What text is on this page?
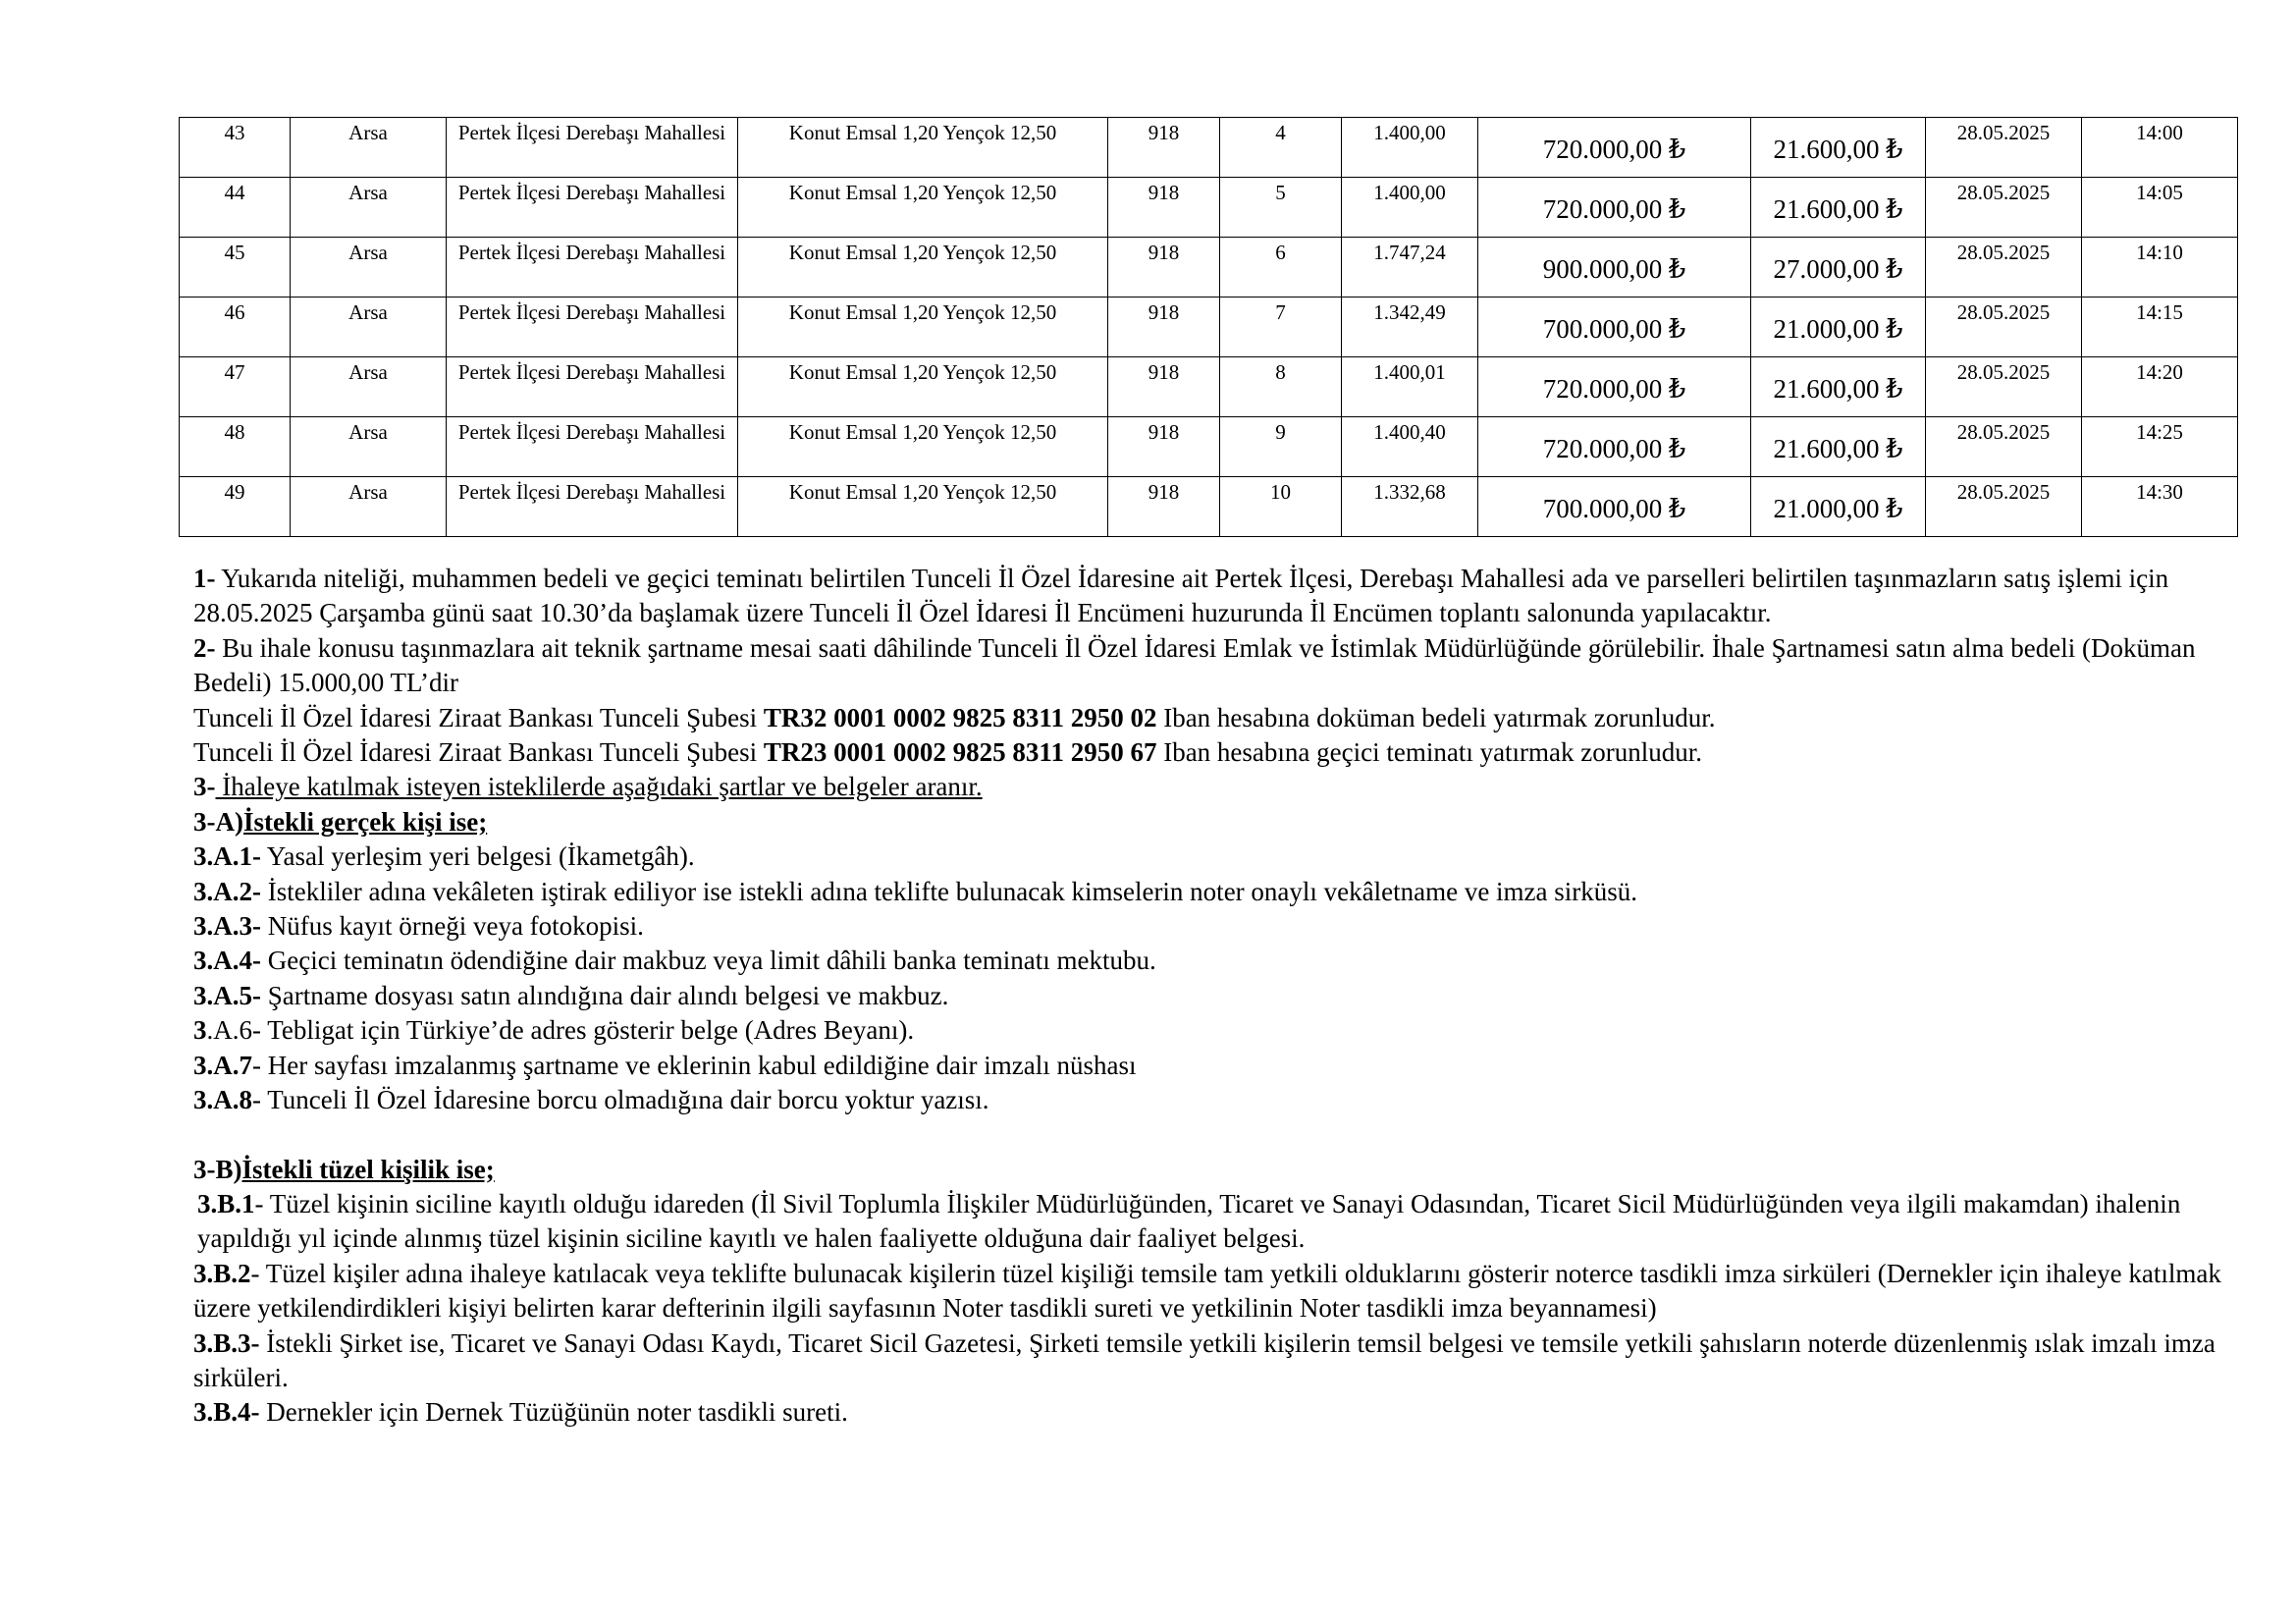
43	Arsa	Pertek İlçesi Derebaşı Mahallesi	Konut Emsal 1,20 Yençok 12,50	918	4	1.400,00	720.000,00 ₺	21.600,00 ₺	28.05.2025	14:00
44	Arsa	Pertek İlçesi Derebaşı Mahallesi	Konut Emsal 1,20 Yençok 12,50	918	5	1.400,00	720.000,00 ₺	21.600,00 ₺	28.05.2025	14:05
45	Arsa	Pertek İlçesi Derebaşı Mahallesi	Konut Emsal 1,20 Yençok 12,50	918	6	1.747,24	900.000,00 ₺	27.000,00 ₺	28.05.2025	14:10
46	Arsa	Pertek İlçesi Derebaşı Mahallesi	Konut Emsal 1,20 Yençok 12,50	918	7	1.342,49	700.000,00 ₺	21.000,00 ₺	28.05.2025	14:15
47	Arsa	Pertek İlçesi Derebaşı Mahallesi	Konut Emsal 1,20 Yençok 12,50	918	8	1.400,01	720.000,00 ₺	21.600,00 ₺	28.05.2025	14:20
48	Arsa	Pertek İlçesi Derebaşı Mahallesi	Konut Emsal 1,20 Yençok 12,50	918	9	1.400,40	720.000,00 ₺	21.600,00 ₺	28.05.2025	14:25
49	Arsa	Pertek İlçesi Derebaşı Mahallesi	Konut Emsal 1,20 Yençok 12,50	918	10	1.332,68	700.000,00 ₺	21.000,00 ₺	28.05.2025	14:30

1- Yukarıda niteliği, muhammen bedeli ve geçici teminatı belirtilen Tunceli İl Özel İdaresine ait Pertek İlçesi, Derebaşı Mahallesi ada ve parselleri belirtilen taşınmazların satış işlemi için 28.05.2025 Çarşamba günü saat 10.30’da başlamak üzere Tunceli İl Özel İdaresi İl Encümeni huzurunda İl Encümen toplantı salonunda yapılacaktır.

2- Bu ihale konusu taşınmazlara ait teknik şartname mesai saati dâhilinde Tunceli İl Özel İdaresi Emlak ve İstimlak Müdürlüğünde görülebilir. İhale Şartnamesi satın alma bedeli (Doküman Bedeli) 15.000,00 TL’dir

Tunceli İl Özel İdaresi Ziraat Bankası Tunceli Şubesi TR32 0001 0002 9825 8311 2950 02 Iban hesabına doküman bedeli yatırmak zorunludur.

Tunceli İl Özel İdaresi Ziraat Bankası Tunceli Şubesi TR23 0001 0002 9825 8311 2950 67 Iban hesabına geçici teminatı yatırmak zorunludur.

3- İhaleye katılmak isteyen isteklilerde aşağıdaki şartlar ve belgeler aranır.

3-A)İstekli gerçek kişi ise;

3.A.1- Yasal yerleşim yeri belgesi (İkametgâh).

3.A.2- İstekliler adına vekâleten iştirak ediliyor ise istekli adına teklifte bulunacak kimselerin noter onaylı vekâletname ve imza sirküsü.

3.A.3- Nüfus kayıt örneği veya fotokopisi.

3.A.4- Geçici teminatın ödendiğine dair makbuz veya limit dâhili banka teminatı mektubu.

3.A.5- Şartname dosyası satın alındığına dair alındı belgesi ve makbuz.

3.A.6- Tebligat için Türkiye’de adres gösterir belge (Adres Beyanı).

3.A.7- Her sayfası imzalanmış şartname ve eklerinin kabul edildiğine dair imzalı nüshası

3.A.8- Tunceli İl Özel İdaresine borcu olmadığına dair borcu yoktur yazısı.

3-B)İstekli tüzel kişilik ise;

3.B.1- Tüzel kişinin siciline kayıtlı olduğu idareden (İl Sivil Toplumla İlişkiler Müdürlüğünden, Ticaret ve Sanayi Odasından, Ticaret Sicil Müdürlüğünden veya ilgili makamdan) ihalenin yapıldığı yıl içinde alınmış tüzel kişinin siciline kayıtlı ve halen faaliyette olduğuna dair faaliyet belgesi.

3.B.2- Tüzel kişiler adına ihaleye katılacak veya teklifte bulunacak kişilerin tüzel kişiliği temsile tam yetkili olduklarını gösterir noterce tasdikli imza sirküleri (Dernekler için ihaleye katılmak üzere yetkilendirdikleri kişiyi belirten karar defterinin ilgili sayfasının Noter tasdikli sureti ve yetkilinin Noter tasdikli imza beyannamesi)

3.B.3- İstekli Şirket ise, Ticaret ve Sanayi Odası Kaydı, Ticaret Sicil Gazetesi, Şirketi temsile yetkili kişilerin temsil belgesi ve temsile yetkili şahısların noterde düzenlenmiş ıslak imzalı imza sirküleri.

3.B.4- Dernekler için Dernek Tüzüğünün noter tasdikli sureti.
